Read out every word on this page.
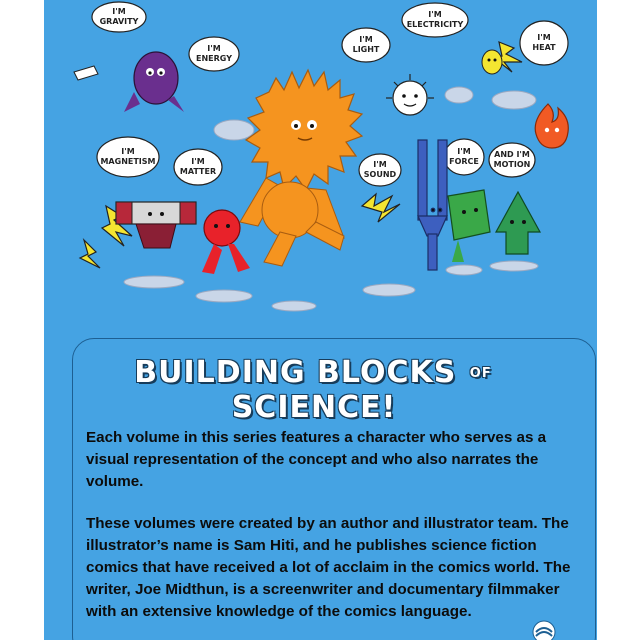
I'M GRAVITY
I'M ENERGY
I'M LIGHT
I'M ELECTRICITY
I'M HEAT
I'M MAGNETISM	I'M MATTER
I'M SOUND
I'M FORCE
AND I'M MOTION
BUILDING BLOCKS OF SCIENCE!

Each volume in this series features a character who serves as a visual representation of the concept and who also narrates the volume.

These volumes were created by an author and illustrator team. The illustrator’s name is Sam Hiti, and he publishes science fiction comics that have received a lot of acclaim in the comics world. The writer, Joe Midthun, is a screenwriter and documentary filmmaker with an extensive knowledge of the comics language.
